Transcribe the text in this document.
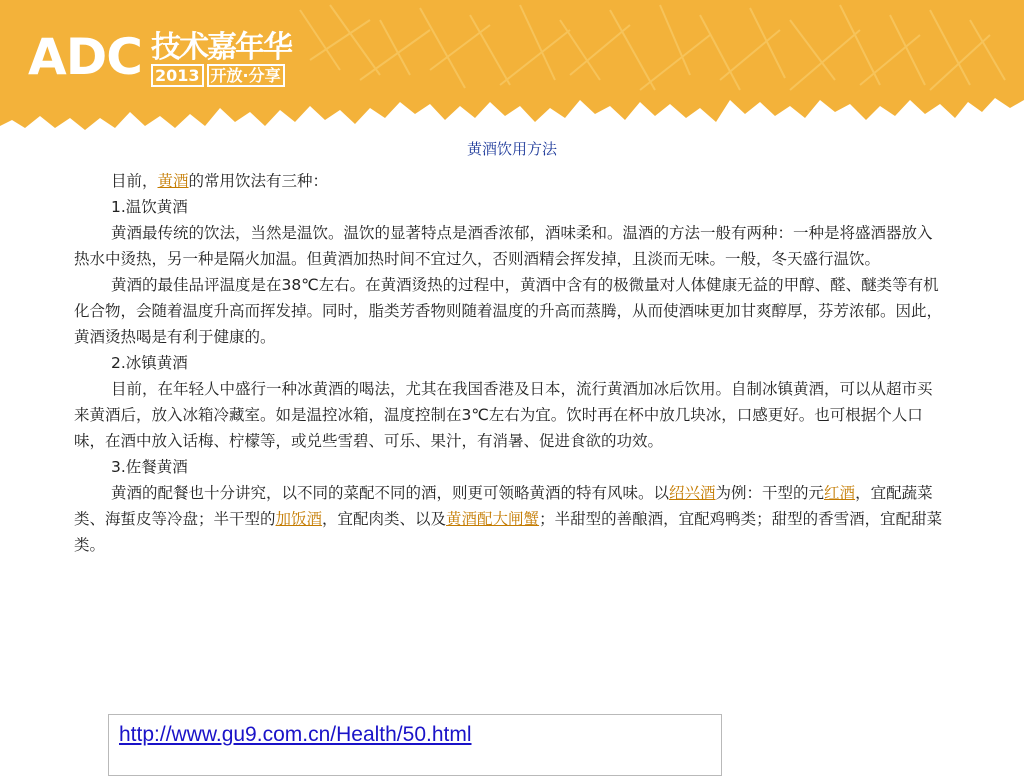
ADC 技术嘉年华
2013 开放·分享
黄酒饮用方法

目前，黄酒的常用饮法有三种：

1.温饮黄酒

黄酒最传统的饮法，当然是温饮。温饮的显著特点是酒香浓郁，酒味柔和。温酒的方法一般有两种：一种是将盛酒器放入热水中烫热，另一种是隔火加温。但黄酒加热时间不宜过久，否则酒精会挥发掉，且淡而无味。一般，冬天盛行温饮。

黄酒的最佳品评温度是在38℃左右。在黄酒烫热的过程中，黄酒中含有的极微量对人体健康无益的甲醇、醛、醚类等有机化合物，会随着温度升高而挥发掉。同时，脂类芳香物则随着温度的升高而蒸腾，从而使酒味更加甘爽醇厚，芬芳浓郁。因此，黄酒烫热喝是有利于健康的。

2.冰镇黄酒

目前，在年轻人中盛行一种冰黄酒的喝法，尤其在我国香港及日本，流行黄酒加冰后饮用。自制冰镇黄酒，可以从超市买来黄酒后，放入冰箱冷藏室。如是温控冰箱，温度控制在3℃左右为宜。饮时再在杯中放几块冰，口感更好。也可根据个人口味，在酒中放入话梅、柠檬等，或兑些雪碧、可乐、果汁，有消暑、促进食欲的功效。

3.佐餐黄酒

黄酒的配餐也十分讲究，以不同的菜配不同的酒，则更可领略黄酒的特有风味。以绍兴酒为例：干型的元红酒，宜配蔬菜类、海蜇皮等冷盘；半干型的加饭酒，宜配肉类、以及黄酒配大闸蟹；半甜型的善酿酒，宜配鸡鸭类；甜型的香雪酒，宜配甜菜类。

http://www.gu9.com.cn/Health/50.html
